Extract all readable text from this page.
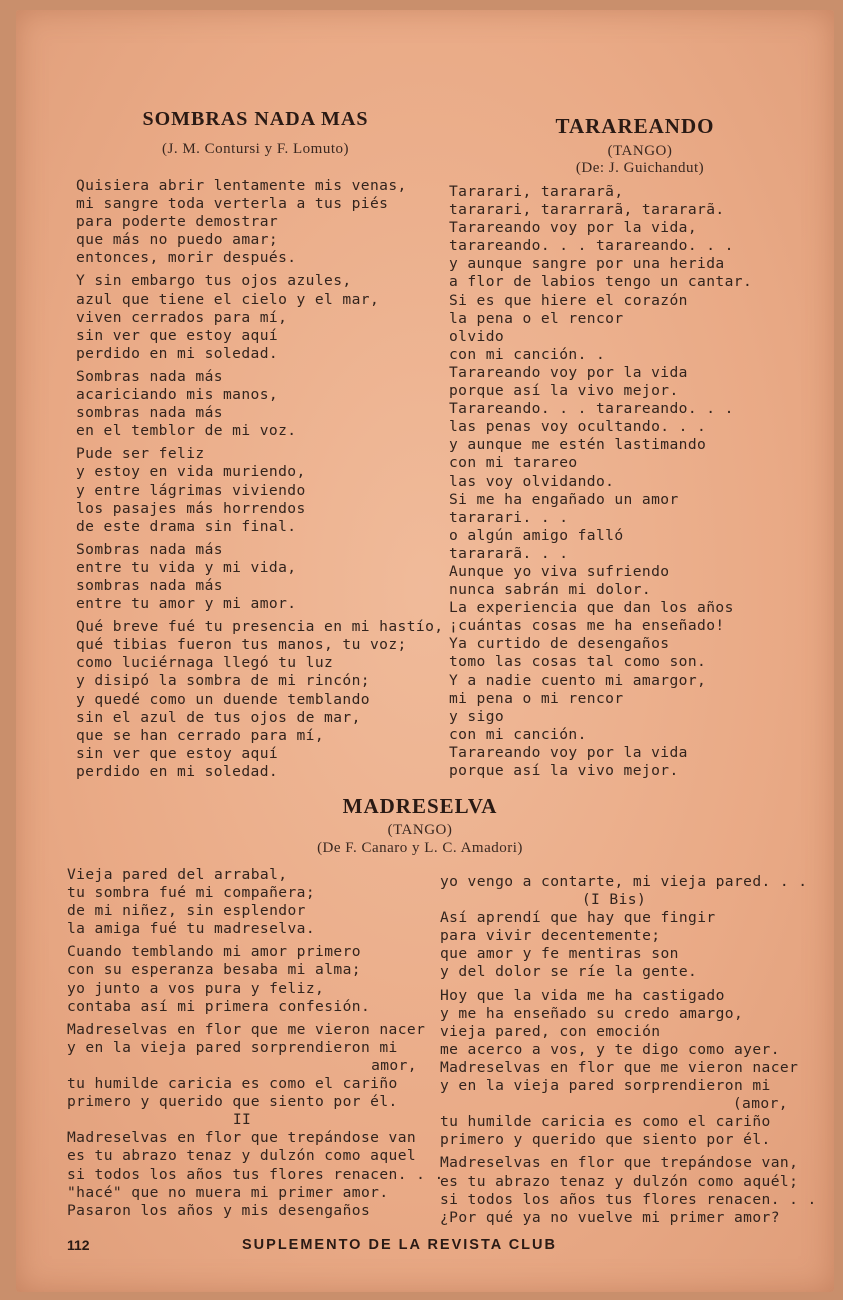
SOMBRAS NADA MAS

(J. M. Contursi y F. Lomuto)

Quisiera abrir lentamente mis venas,
mi sangre toda verterla a tus piés
para poderte demostrar
que más no puedo amar;
entonces, morir después.
Y sin embargo tus ojos azules,
azul que tiene el cielo y el mar,
viven cerrados para mí,
sin ver que estoy aquí
perdido en mi soledad.
Sombras nada más
acariciando mis manos,
sombras nada más
en el temblor de mi voz.
Pude ser feliz
y estoy en vida muriendo,
y entre lágrimas viviendo
los pasajes más horrendos
de este drama sin final.
Sombras nada más
entre tu vida y mi vida,
sombras nada más
entre tu amor y mi amor.
Qué breve fué tu presencia en mi hastío,
qué tibias fueron tus manos, tu voz;
como luciérnaga llegó tu luz
y disipó la sombra de mi rincón;
y quedé como un duende temblando
sin el azul de tus ojos de mar,
que se han cerrado para mí,
sin ver que estoy aquí
perdido en mi soledad.
TARAREANDO

(TANGO)

(De: J. Guichandut)

Tararari, tarararã,
tararari, tararrarã, tarararã.
Tarareando voy por la vida,
tarareando. . . tarareando. . .
y aunque sangre por una herida
a flor de labios tengo un cantar.
Si es que hiere el corazón
la pena o el rencor
olvido
con mi canción. .
Tarareando voy por la vida
porque así la vivo mejor.
Tarareando. . . tarareando. . .
las penas voy ocultando. . .
y aunque me estén lastimando
con mi tarareo
las voy olvidando.
Si me ha engañado un amor
tararari. . .
o algún amigo falló
tarararã. . .
Aunque yo viva sufriendo
nunca sabrán mi dolor.
La experiencia que dan los años
¡cuántas cosas me ha enseñado!
Ya curtido de desengaños
tomo las cosas tal como son.
Y a nadie cuento mi amargor,
mi pena o mi rencor
y sigo
con mi canción.
Tarareando voy por la vida
porque así la vivo mejor.
MADRESELVA

(TANGO)

(De F. Canaro y L. C. Amadori)

Vieja pared del arrabal,
tu sombra fué mi compañera;
de mi niñez, sin esplendor
la amiga fué tu madreselva.
Cuando temblando mi amor primero
con su esperanza besaba mi alma;
yo junto a vos pura y feliz,
contaba así mi primera confesión.
Madreselvas en flor que me vieron nacer
y en la vieja pared sorprendieron mi
amor,
tu humilde caricia es como el cariño
primero y querido que siento por él.
II
Madreselvas en flor que trepándose van
es tu abrazo tenaz y dulzón como aquel
si todos los años tus flores renacen. . .
"hacé" que no muera mi primer amor.
Pasaron los años y mis desengaños
yo vengo a contarte, mi vieja pared. . .
(I Bis)
Así aprendí que hay que fingir
para vivir decentemente;
que amor y fe mentiras son
y del dolor se ríe la gente.
Hoy que la vida me ha castigado
y me ha enseñado su credo amargo,
vieja pared, con emoción
me acerco a vos, y te digo como ayer.
Madreselvas en flor que me vieron nacer
y en la vieja pared sorprendieron mi
(amor,
tu humilde caricia es como el cariño
primero y querido que siento por él.
Madreselvas en flor que trepándose van,
es tu abrazo tenaz y dulzón como aquél;
si todos los años tus flores renacen. . .
¿Por qué ya no vuelve mi primer amor?
112	SUPLEMENTO DE LA REVISTA CLUB
